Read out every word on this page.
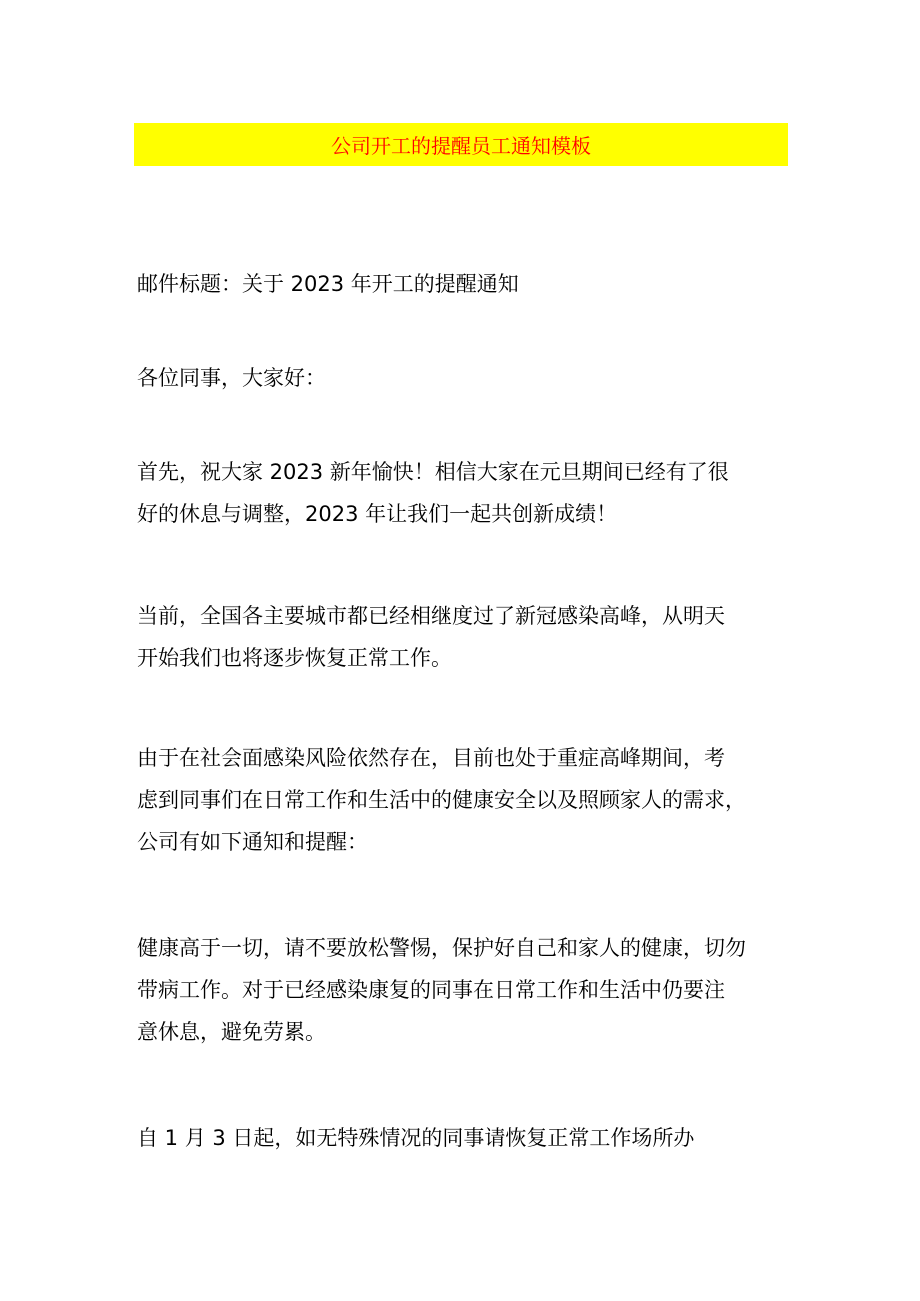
公司开工的提醒员工通知模板
邮件标题：关于 2023 年开工的提醒通知
各位同事，大家好：
首先，祝大家 2023 新年愉快！相信大家在元旦期间已经有了很
好的休息与调整，2023 年让我们一起共创新成绩！
当前，全国各主要城市都已经相继度过了新冠感染高峰，从明天
开始我们也将逐步恢复正常工作。
由于在社会面感染风险依然存在，目前也处于重症高峰期间，考
虑到同事们在日常工作和生活中的健康安全以及照顾家人的需求，
公司有如下通知和提醒：
健康高于一切，请不要放松警惕，保护好自己和家人的健康，切勿
带病工作。对于已经感染康复的同事在日常工作和生活中仍要注
意休息，避免劳累。
自 1 月 3 日起，如无特殊情况的同事请恢复正常工作场所办
